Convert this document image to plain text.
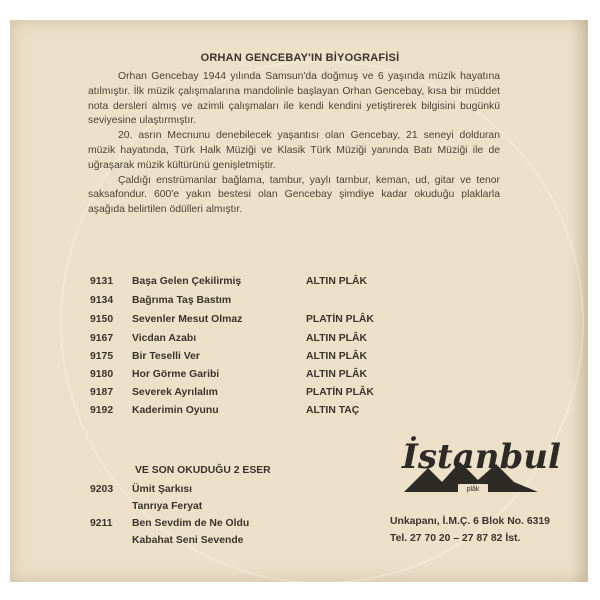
ORHAN GENCEBAY'IN BİYOGRAFİSİ

Orhan Gencebay 1944 yılında Samsun'da doğmuş ve 6 yaşında müzik hayatına atılmıştır. İlk müzik çalışmalarına mandolinle başlayan Orhan Gencebay, kısa bir müddet nota dersleri almış ve azimli çalışmaları ile kendi kendini yetiştirerek bilgisini bugünkü seviyesine ulaştırmıştır.

20. asrın Mecnunu denebilecek yaşantısı olan Gencebay, 21 seneyi dolduran müzik hayatında, Türk Halk Müziği ve Klasik Türk Müziği yanında Batı Müziği ile de uğraşarak müzik kültürünü genişletmiştir.

Çaldığı enstrümanlar bağlama, tambur, yaylı tambur, keman, ud, gitar ve tenor saksafondur. 600'e yakın bestesi olan Gencebay şimdiye kadar okuduğu plaklarla aşağıda belirtilen ödülleri almıştır.

9131 Başa Gelen Çekilirmiş	ALTIN PLÂK
9134 Bağrıma Taş Bastım
9150 Sevenler Mesut Olmaz	PLATİN PLÂK
9167 Vicdan Azabı	ALTIN PLÂK
9175 Bir Teselli Ver	ALTIN PLÂK
9180 Hor Görme Garibi	ALTIN PLÂK
9187 Severek Ayrılalım	PLATİN PLÂK
9192 Kaderimin Oyunu	ALTIN TAÇ
VE SON OKUDUĞU 2 ESER
9203 Ümit Şarkısı
Tanrıya Feryat
9211 Ben Sevdim de Ne Oldu
Kabahat Seni Sevende
plâk
İstanbul
Unkapanı, İ.M.Ç. 6 Blok No. 6319
Tel. 27 70 20 – 27 87 82 İst.
